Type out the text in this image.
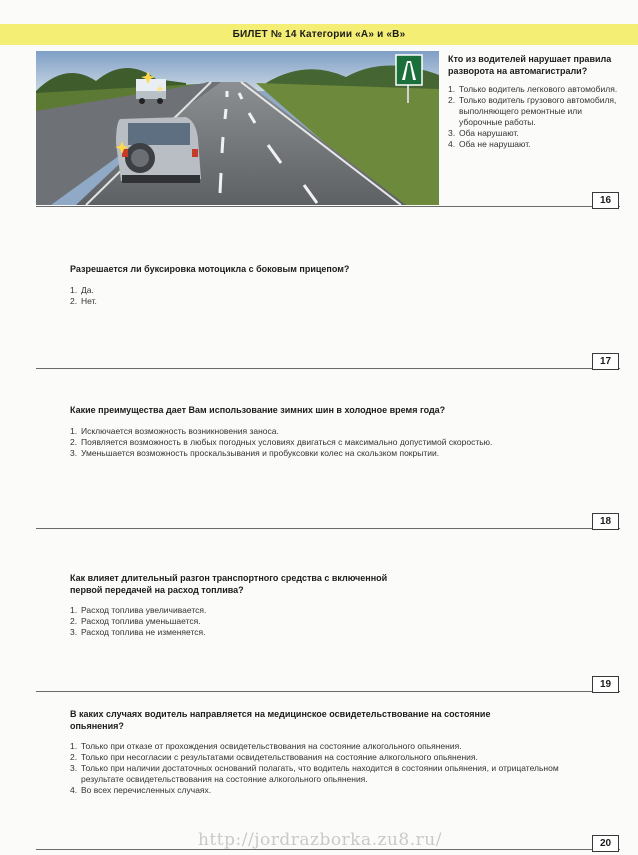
БИЛЕТ № 14 Категории «А» и «В»
Кто из водителей нарушает правила разворота на автомагистрали?
1. Только водитель легкового автомобиля.
2. Только водитель грузового автомобиля, выполняющего ремонтные или уборочные работы.
3. Оба нарушают.
4. Оба не нарушают.
16
Разрешается ли буксировка мотоцикла с боковым прицепом?
1. Да.
2. Нет.
17
Какие преимущества дает Вам использование зимних шин в холодное время года?
1. Исключается возможность возникновения заноса.
2. Появляется возможность в любых погодных условиях двигаться с максимально допустимой скоростью.
3. Уменьшается возможность проскальзывания и пробуксовки колес на скользком покрытии.
18
Как влияет длительный разгон транспортного средства с включенной первой передачей на расход топлива?
1. Расход топлива увеличивается.
2. Расход топлива уменьшается.
3. Расход топлива не изменяется.
19
В каких случаях водитель направляется на медицинское освидетельствование на состояние опьянения?
1. Только при отказе от прохождения освидетельствования на состояние алкогольного опьянения.
2. Только при несогласии с результатами освидетельствования на состояние алкогольного опьянения.
3. Только при наличии достаточных оснований полагать, что водитель находится в состоянии опьянения, и отрицательном результате освидетельствования на состояние алкогольного опьянения.
4. Во всех перечисленных случаях.
20
http://jordrazborka.zu8.ru/
